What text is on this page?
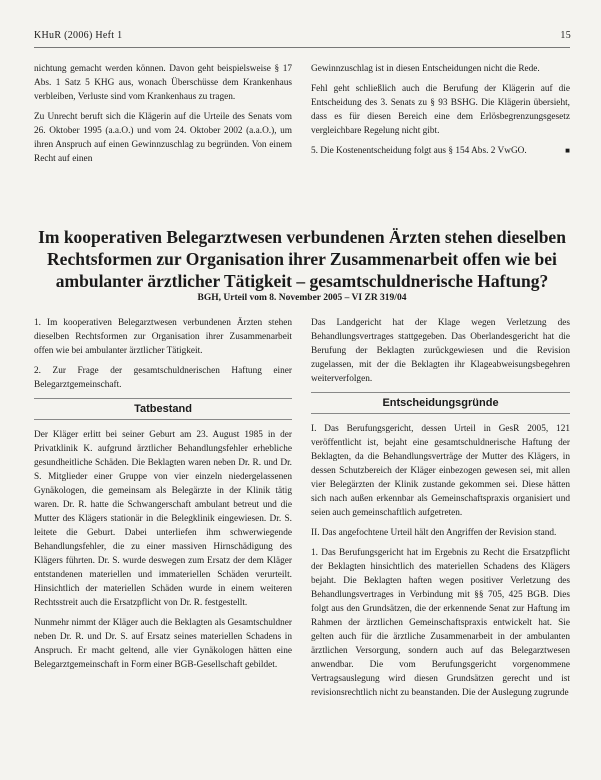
KHuR (2006) Heft 1	15

nichtung gemacht werden können. Davon geht beispielsweise § 17 Abs. 1 Satz 5 KHG aus, wonach Überschüsse dem Krankenhaus verbleiben, Verluste sind vom Krankenhaus zu tragen.

Zu Unrecht beruft sich die Klägerin auf die Urteile des Senats vom 26. Oktober 1995 (a.a.O.) und vom 24. Oktober 2002 (a.a.O.), um ihren Anspruch auf einen Gewinnzuschlag zu begründen. Von einem Recht auf einen

Gewinnzuschlag ist in diesen Entscheidungen nicht die Rede.

Fehl geht schließlich auch die Berufung der Klägerin auf die Entscheidung des 3. Senats zu § 93 BSHG. Die Klägerin übersieht, dass es für diesen Bereich eine dem Erlösbegrenzungsgesetz vergleichbare Regelung nicht gibt.

5. Die Kostenentscheidung folgt aus § 154 Abs. 2 VwGO.	■

Im kooperativen Belegarztwesen verbundenen Ärzten stehen dieselben
Rechtsformen zur Organisation ihrer Zusammenarbeit offen wie bei
ambulanter ärztlicher Tätigkeit – gesamtschuldnerische Haftung?
BGH, Urteil vom 8. November 2005 – VI ZR 319/04

1. Im kooperativen Belegarztwesen verbundenen Ärzten stehen dieselben Rechtsformen zur Organisation ihrer Zusammenarbeit offen wie bei ambulanter ärztlicher Tätigkeit.

2. Zur Frage der gesamtschuldnerischen Haftung einer Belegarztgemeinschaft.

Tatbestand

Der Kläger erlitt bei seiner Geburt am 23. August 1985 in der Privatklinik K. aufgrund ärztlicher Behandlungsfehler erhebliche gesundheitliche Schäden. Die Beklagten waren neben Dr. R. und Dr. S. Mitglieder einer Gruppe von vier einzeln niedergelassenen Gynäkologen, die gemeinsam als Belegärzte in der Klinik tätig waren. Dr. R. hatte die Schwangerschaft ambulant betreut und die Mutter des Klägers stationär in die Belegklinik eingewiesen. Dr. S. leitete die Geburt. Dabei unterliefen ihm schwerwiegende Behandlungsfehler, die zu einer massiven Hirnschädigung des Klägers führten. Dr. S. wurde deswegen zum Ersatz der dem Kläger entstandenen materiellen und immateriellen Schäden verurteilt. Hinsichtlich der materiellen Schäden wurde in einem weiteren Rechtsstreit auch die Ersatzpflicht von Dr. R. festgestellt.

Nunmehr nimmt der Kläger auch die Beklagten als Gesamtschuldner neben Dr. R. und Dr. S. auf Ersatz seines materiellen Schadens in Anspruch. Er macht geltend, alle vier Gynäkologen hätten eine Belegarztgemeinschaft in Form einer BGB-Gesellschaft gebildet.

Das Landgericht hat der Klage wegen Verletzung des Behandlungsvertrages stattgegeben. Das Oberlandesgericht hat die Berufung der Beklagten zurückgewiesen und die Revision zugelassen, mit der die Beklagten ihr Klageabweisungsbegehren weiterverfolgen.

Entscheidungsgründe

I. Das Berufungsgericht, dessen Urteil in GesR 2005, 121 veröffentlicht ist, bejaht eine gesamtschuldnerische Haftung der Beklagten, da die Behandlungsverträge der Mutter des Klägers, in dessen Schutzbereich der Kläger einbezogen gewesen sei, mit allen vier Belegärzten der Klinik zustande gekommen sei. Diese hätten sich nach außen erkennbar als Gemeinschaftspraxis organisiert und seien auch gemeinschaftlich aufgetreten.

II. Das angefochtene Urteil hält den Angriffen der Revision stand.

1. Das Berufungsgericht hat im Ergebnis zu Recht die Ersatzpflicht der Beklagten hinsichtlich des materiellen Schadens des Klägers bejaht. Die Beklagten haften wegen positiver Verletzung des Behandlungsvertrages in Verbindung mit §§ 705, 425 BGB. Dies folgt aus den Grundsätzen, die der erkennende Senat zur Haftung im Rahmen der ärztlichen Gemeinschaftspraxis entwickelt hat. Sie gelten auch für die ärztliche Zusammenarbeit in der ambulanten ärztlichen Versorgung, sondern auch auf das Belegarztwesen anwendbar. Die vom Berufungsgericht vorgenommene Vertragsauslegung wird diesen Grundsätzen gerecht und ist revisionsrechtlich nicht zu beanstanden. Die der Auslegung zugrunde
